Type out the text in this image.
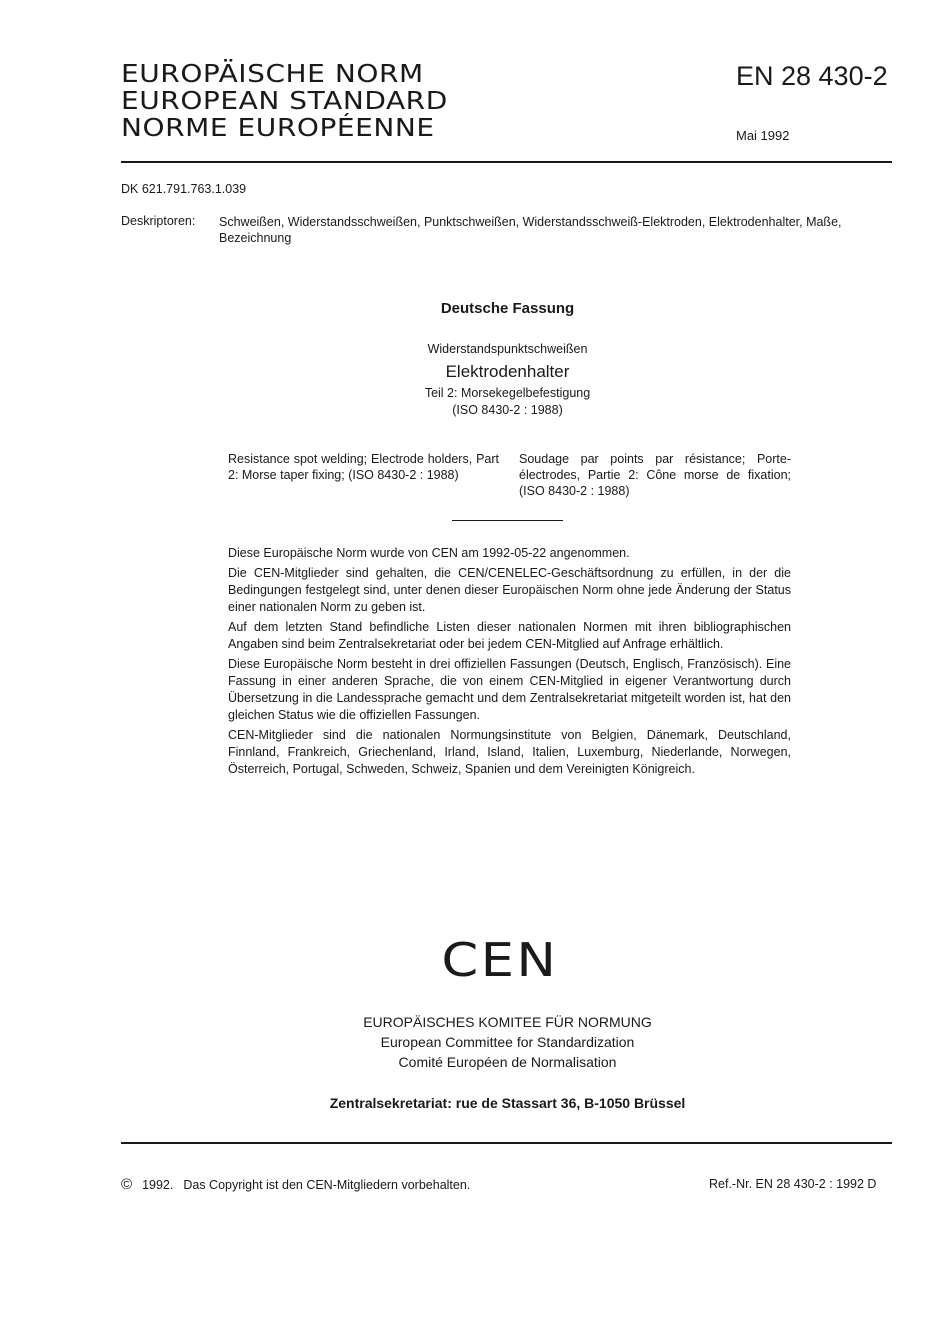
EUROPÄISCHE NORM
EUROPEAN STANDARD
NORME EUROPÉENNE
EN 28 430-2
Mai 1992
DK 621.791.763.1.039
Deskriptoren: Schweißen, Widerstandsschweißen, Punktschweißen, Widerstandsschweiß-Elektroden, Elektrodenhalter, Maße, Bezeichnung
Deutsche Fassung
Widerstandspunktschweißen
Elektrodenhalter
Teil 2: Morsekegelbefestigung
(ISO 8430-2 : 1988)
Resistance spot welding; Electrode holders, Part 2: Morse taper fixing; (ISO 8430-2 : 1988)
Soudage par points par résistance; Porte-électrodes, Partie 2: Cône morse de fixation; (ISO 8430-2 : 1988)

Diese Europäische Norm wurde von CEN am 1992-05-22 angenommen.

Die CEN-Mitglieder sind gehalten, die CEN/CENELEC-Geschäftsordnung zu erfüllen, in der die Bedingungen festgelegt sind, unter denen dieser Europäischen Norm ohne jede Änderung der Status einer nationalen Norm zu geben ist.

Auf dem letzten Stand befindliche Listen dieser nationalen Normen mit ihren bibliographischen Angaben sind beim Zentralsekretariat oder bei jedem CEN-Mitglied auf Anfrage erhältlich.

Diese Europäische Norm besteht in drei offiziellen Fassungen (Deutsch, Englisch, Französisch). Eine Fassung in einer anderen Sprache, die von einem CEN-Mitglied in eigener Verantwortung durch Übersetzung in die Landessprache gemacht und dem Zentralsekretariat mitgeteilt worden ist, hat den gleichen Status wie die offiziellen Fassungen.

CEN-Mitglieder sind die nationalen Normungsinstitute von Belgien, Dänemark, Deutschland, Finnland, Frankreich, Griechenland, Irland, Island, Italien, Luxemburg, Niederlande, Norwegen, Österreich, Portugal, Schweden, Schweiz, Spanien und dem Vereinigten Königreich.

CEN
EUROPÄISCHES KOMITEE FÜR NORMUNG
European Committee for Standardization
Comité Européen de Normalisation
Zentralsekretariat: rue de Stassart 36, B-1050 Brüssel
© 1992. Das Copyright ist den CEN-Mitgliedern vorbehalten.	Ref.-Nr. EN 28 430-2 : 1992 D
